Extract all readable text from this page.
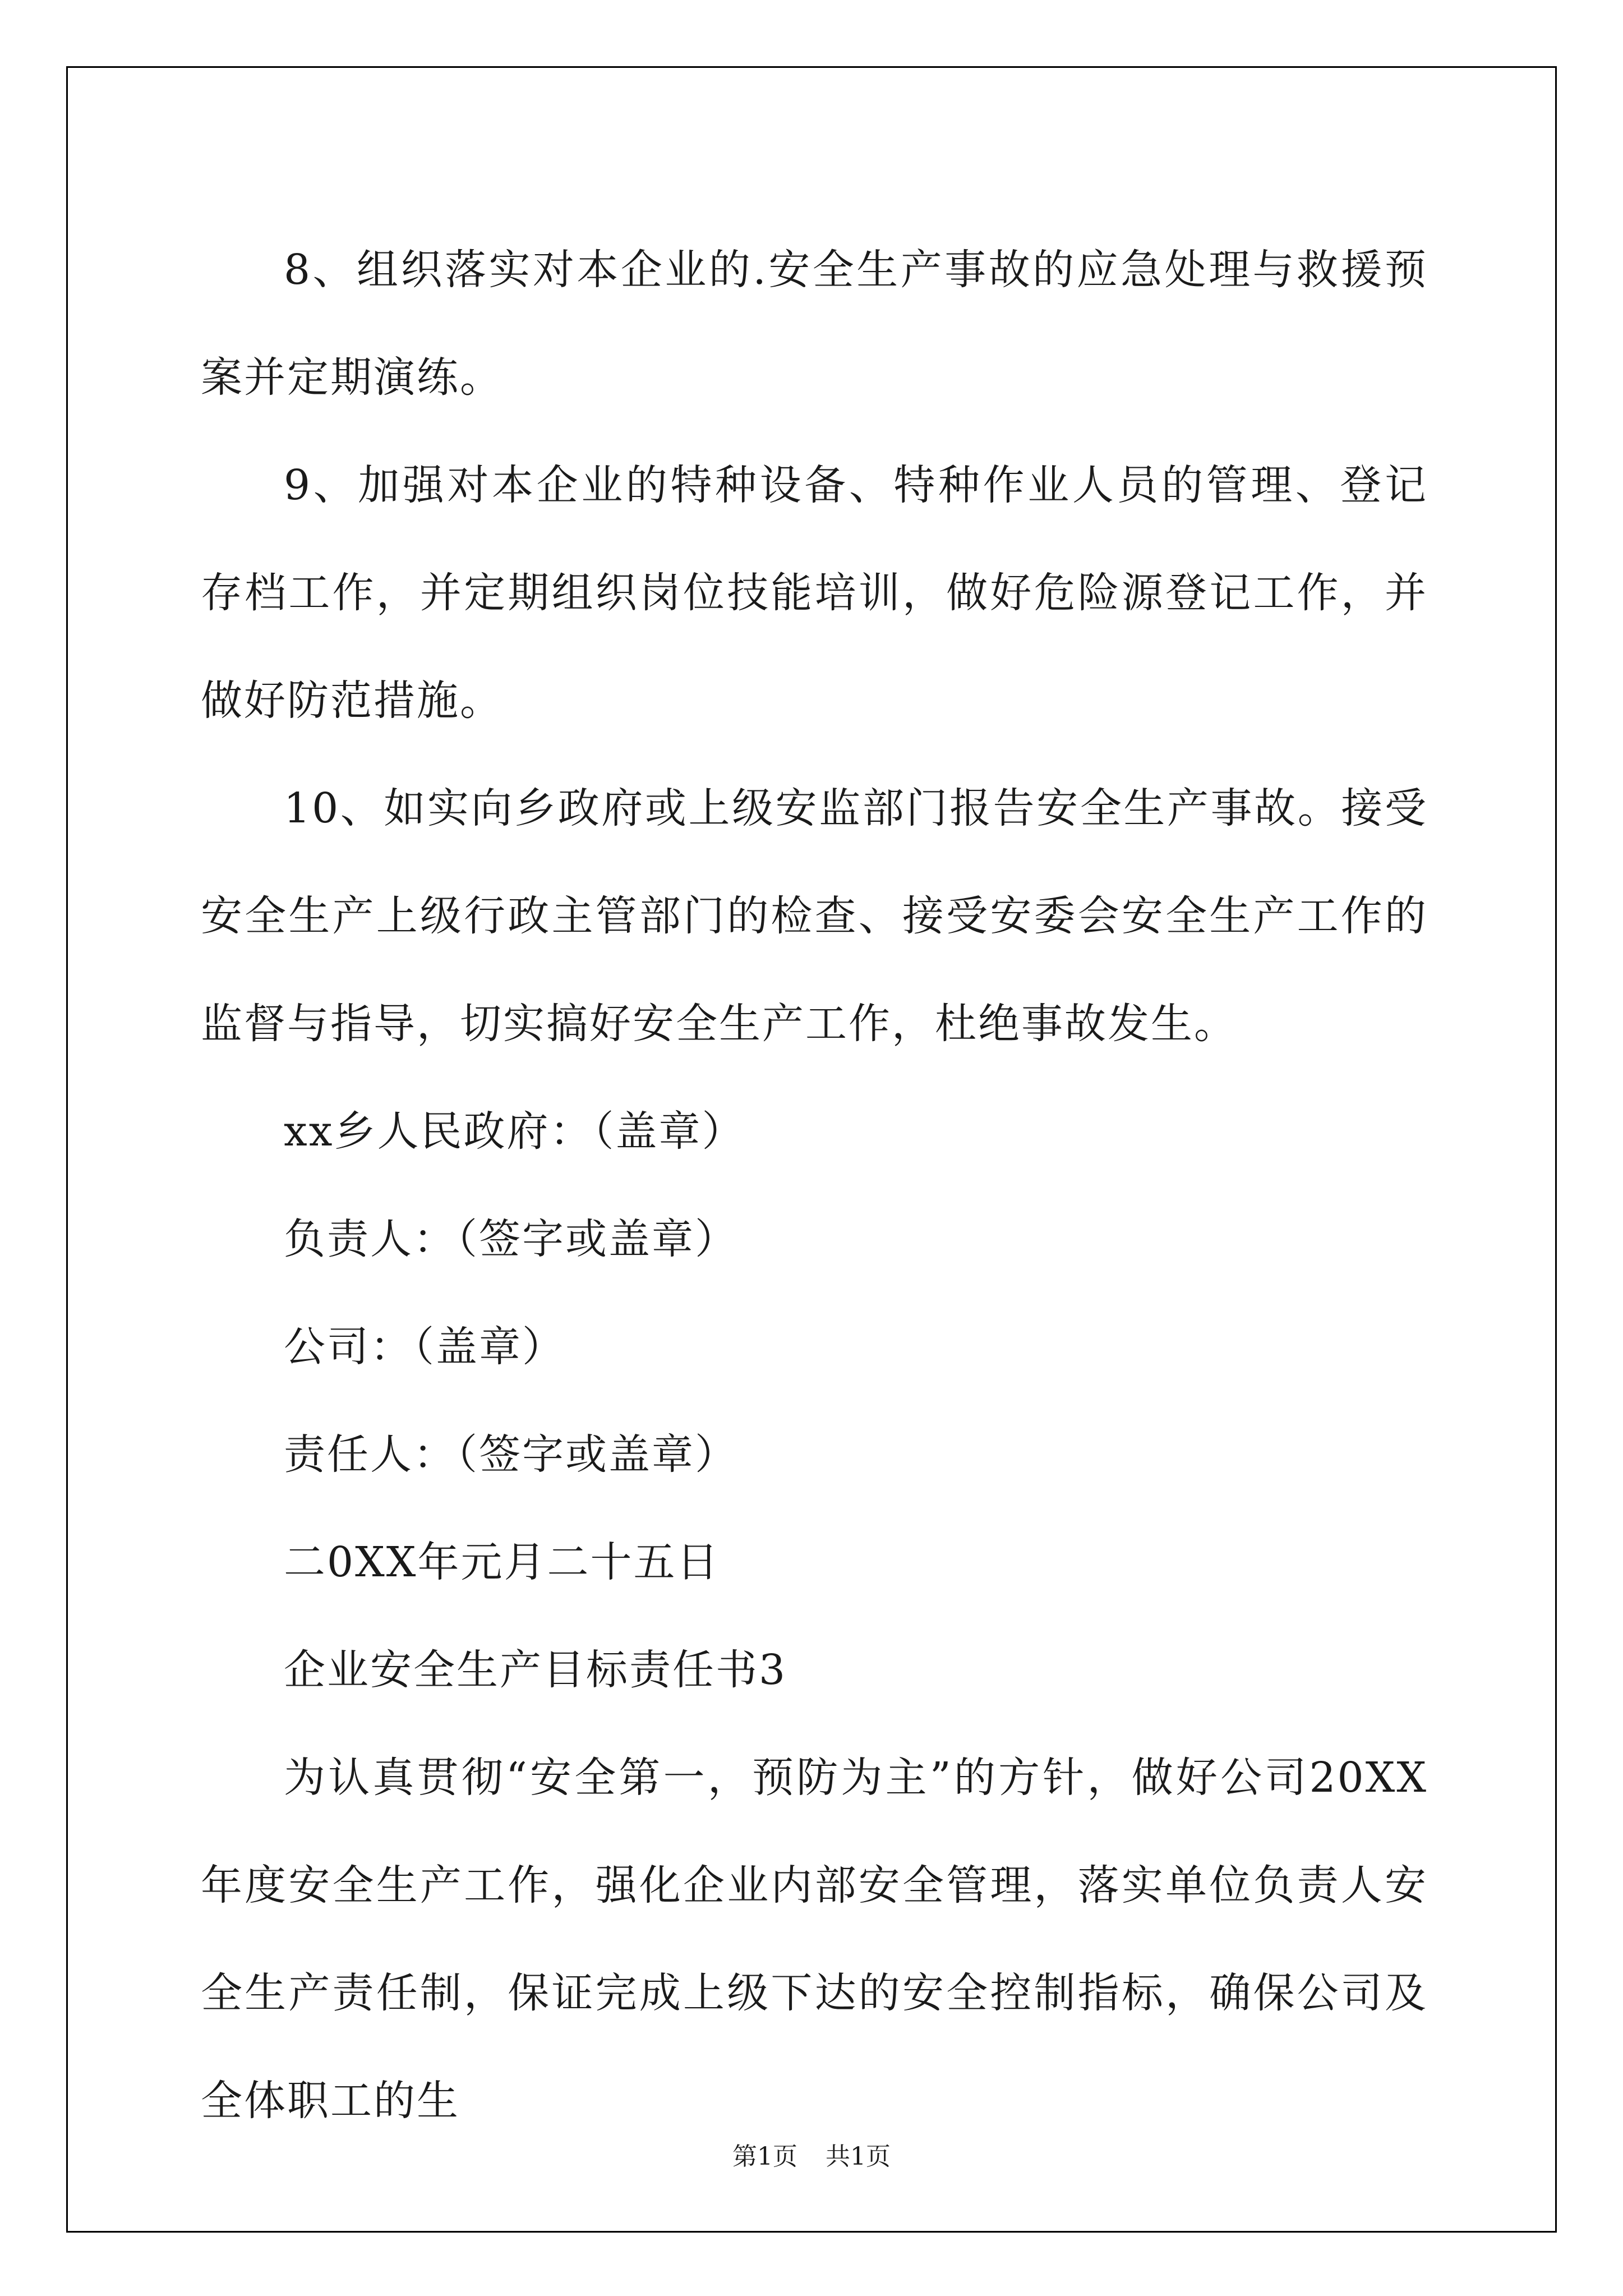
8、组织落实对本企业的.安全生产事故的应急处理与救援预案并定期演练。

9、加强对本企业的特种设备、特种作业人员的管理、登记存档工作，并定期组织岗位技能培训，做好危险源登记工作，并做好防范措施。

10、如实向乡政府或上级安监部门报告安全生产事故。接受安全生产上级行政主管部门的检查、接受安委会安全生产工作的监督与指导，切实搞好安全生产工作，杜绝事故发生。

xx乡人民政府：（盖章）

负责人：（签字或盖章）

公司：（盖章）

责任人：（签字或盖章）

二0XX年元月二十五日

企业安全生产目标责任书3

为认真贯彻“安全第一，预防为主”的方针，做好公司20XX年度安全生产工作，强化企业内部安全管理，落实单位负责人安全生产责任制，保证完成上级下达的安全控制指标，确保公司及全体职工的生

第1页 共1页
